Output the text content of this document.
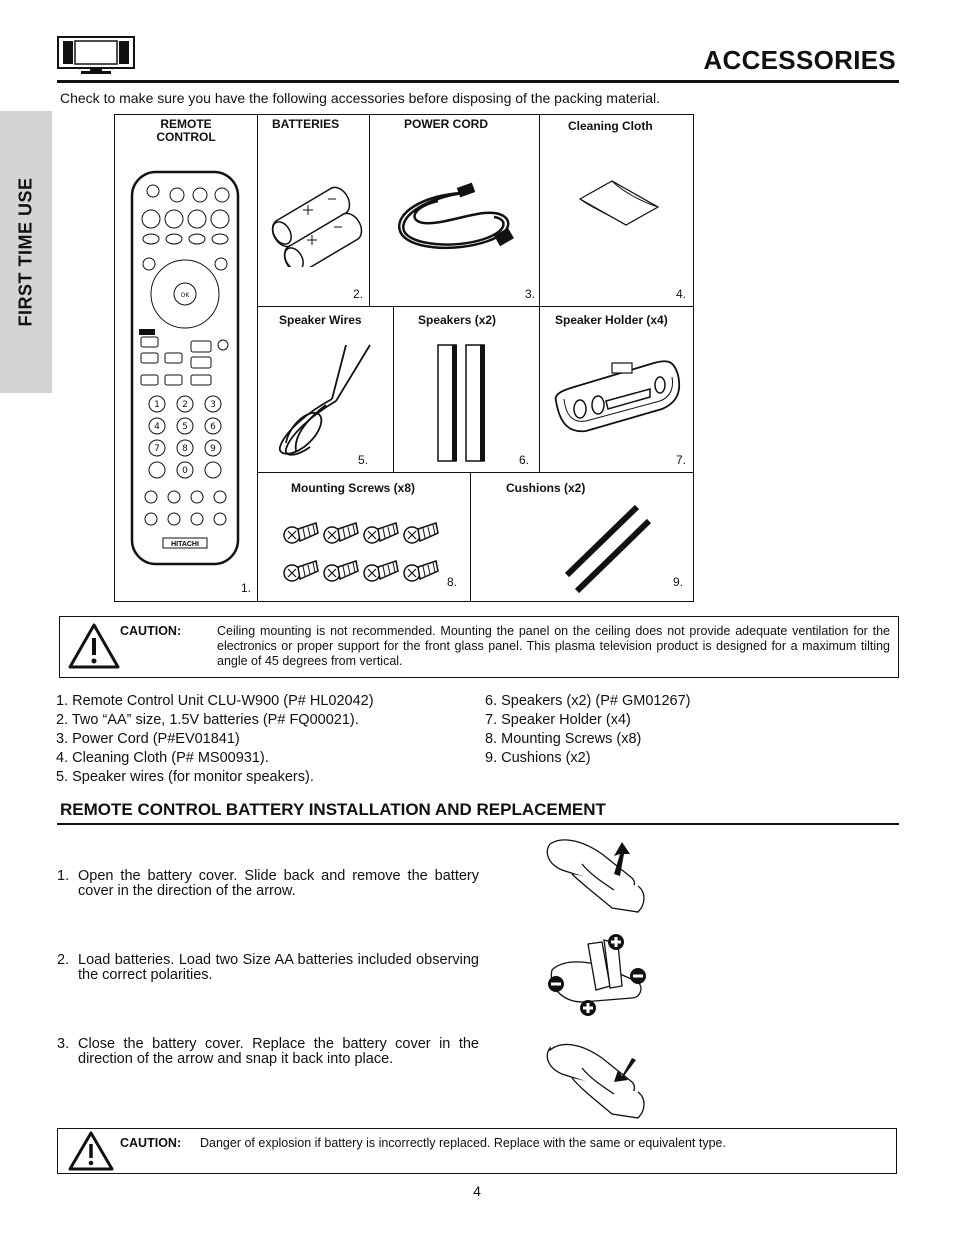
ACCESSORIES
FIRST TIME USE
Check to make sure you have the following accessories before disposing of the packing material.
REMOTE CONTROL
1 2 3
4 5 6
7 8 9
0
OK
HITACHI
1.
BATTERIES
2.
POWER CORD
3.
Cleaning Cloth
4.
Speaker Wires
5.
Speakers (x2)
6.
Speaker Holder (x4)
7.
Mounting Screws (x8)
8.
Cushions (x2)
9.
CAUTION:	Ceiling mounting is not recommended. Mounting the panel on the ceiling does not provide adequate ventilation for the electronics or proper support for the front glass panel. This plasma television product is designed for a maximum tilting angle of 45 degrees from vertical.
1. Remote Control Unit CLU-W900 (P# HL02042)
2. Two “AA” size, 1.5V batteries (P# FQ00021).
3. Power Cord (P#EV01841)
4. Cleaning Cloth (P# MS00931).
5. Speaker wires (for monitor speakers).
6. Speakers (x2) (P# GM01267)
7. Speaker Holder (x4)
8. Mounting Screws (x8)
9. Cushions (x2)
REMOTE CONTROL BATTERY INSTALLATION AND REPLACEMENT
1. Open the battery cover. Slide back and remove the battery cover in the direction of the arrow.
2. Load batteries. Load two Size AA batteries included observing the correct polarities.
3. Close the battery cover. Replace the battery cover in the direction of the arrow and snap it back into place.
CAUTION: Danger of explosion if battery is incorrectly replaced. Replace with the same or equivalent type.
4
